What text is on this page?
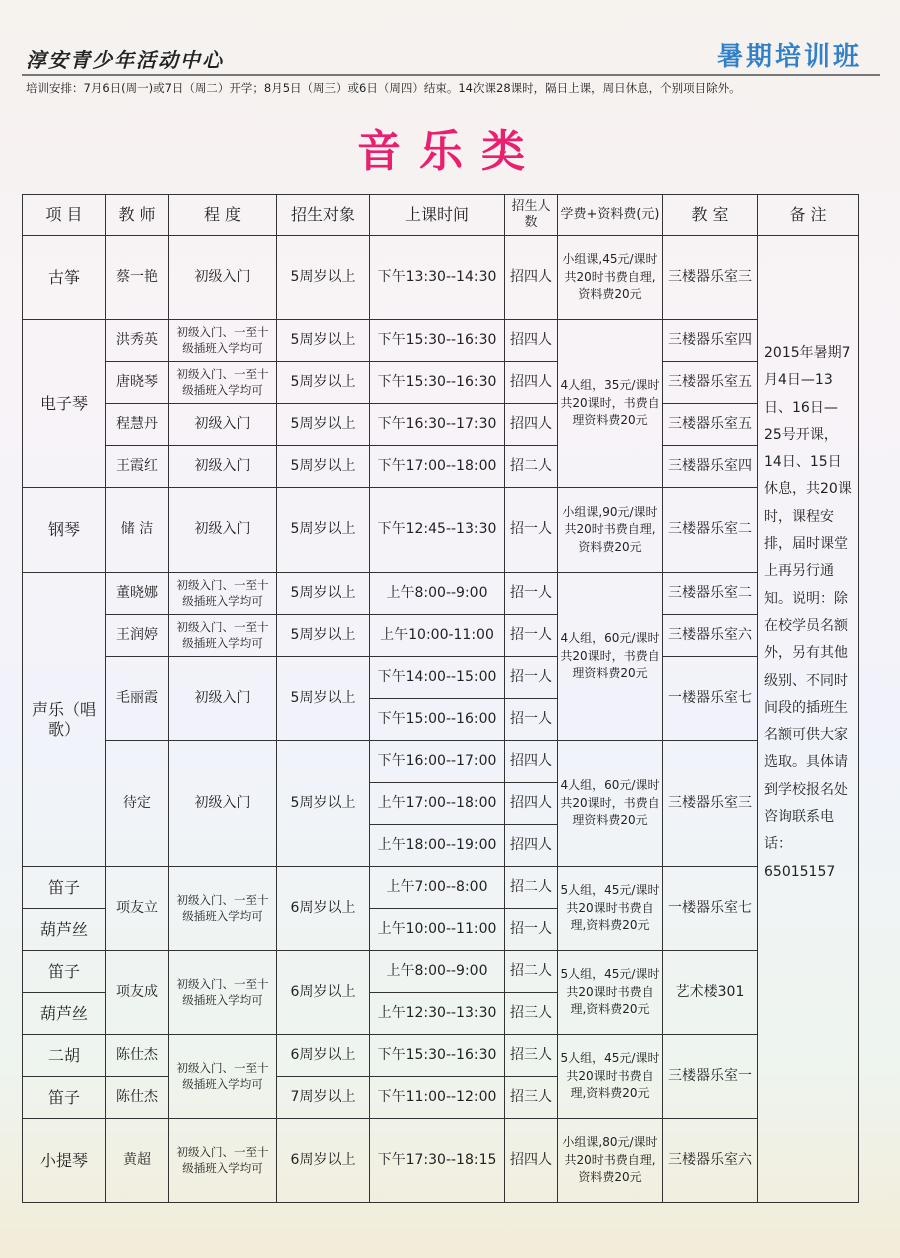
淳安青少年活动中心	暑期培训班
培训安排：7月6日(周一)或7日（周二）开学；8月5日（周三）或6日（周四）结束。14次课28课时，隔日上课，周日休息，个别项目除外。
音乐类
项 目	教 师	程 度	招生对象	上课时间	招生人数	学费+资料费(元)	教 室	备 注
古筝	蔡一艳	初级入门	5周岁以上	下午13:30--14:30	招四人	小组课,45元/课时共20时书费自理,资料费20元	三楼器乐室三	2015年暑期7月4日—13日、16日—25号开课，14日、15日休息，共20课时，课程安排，届时课堂上再另行通知。说明：除在校学员名额外，另有其他级别、不同时间段的插班生名额可供大家选取。具体请到学校报名处咨询联系电话：65015157
电子琴	洪秀英	初级入门、一至十级插班入学均可	5周岁以上	下午15:30--16:30	招四人	4人组，35元/课时共20课时，书费自理资料费20元	三楼器乐室四	
	唐晓琴	初级入门、一至十级插班入学均可	5周岁以上	下午15:30--16:30	招四人		三楼器乐室五	
	程慧丹	初级入门	5周岁以上	下午16:30--17:30	招四人		三楼器乐室五	
	王霞红	初级入门	5周岁以上	下午17:00--18:00	招二人		三楼器乐室四	
钢琴	储 洁	初级入门	5周岁以上	下午12:45--13:30	招一人	小组课,90元/课时共20时书费自理,资料费20元	三楼器乐室二	
声乐（唱歌）	董晓娜	初级入门、一至十级插班入学均可	5周岁以上	上午8:00--9:00	招一人	4人组，60元/课时共20课时，书费自理资料费20元	三楼器乐室二	
	王润婷	初级入门、一至十级插班入学均可	5周岁以上	上午10:00-11:00	招一人		三楼器乐室六	
	毛丽霞	初级入门	5周岁以上	下午14:00--15:00	招一人		一楼器乐室七	
				下午15:00--16:00	招一人			
	待定	初级入门	5周岁以上	下午16:00--17:00	招四人	4人组，60元/课时共20课时，书费自理资料费20元	三楼器乐室三	
				上午17:00--18:00	招四人			
				上午18:00--19:00	招四人			
笛子	项友立	初级入门、一至十级插班入学均可	6周岁以上	上午7:00--8:00	招二人	5人组，45元/课时共20课时书费自理,资料费20元	一楼器乐室七	
葫芦丝				上午10:00--11:00	招一人			
笛子	项友成	初级入门、一至十级插班入学均可	6周岁以上	上午8:00--9:00	招二人	5人组，45元/课时共20课时书费自理,资料费20元	艺术楼301	
葫芦丝				上午12:30--13:30	招三人			
二胡	陈仕杰	初级入门、一至十级插班入学均可	6周岁以上	下午15:30--16:30	招三人	5人组，45元/课时共20课时书费自理,资料费20元	三楼器乐室一	
笛子	陈仕杰		7周岁以上	下午11:00--12:00	招三人			
小提琴	黄超	初级入门、一至十级插班入学均可	6周岁以上	下午17:30--18:15	招四人	小组课,80元/课时共20时书费自理,资料费20元	三楼器乐室六	
